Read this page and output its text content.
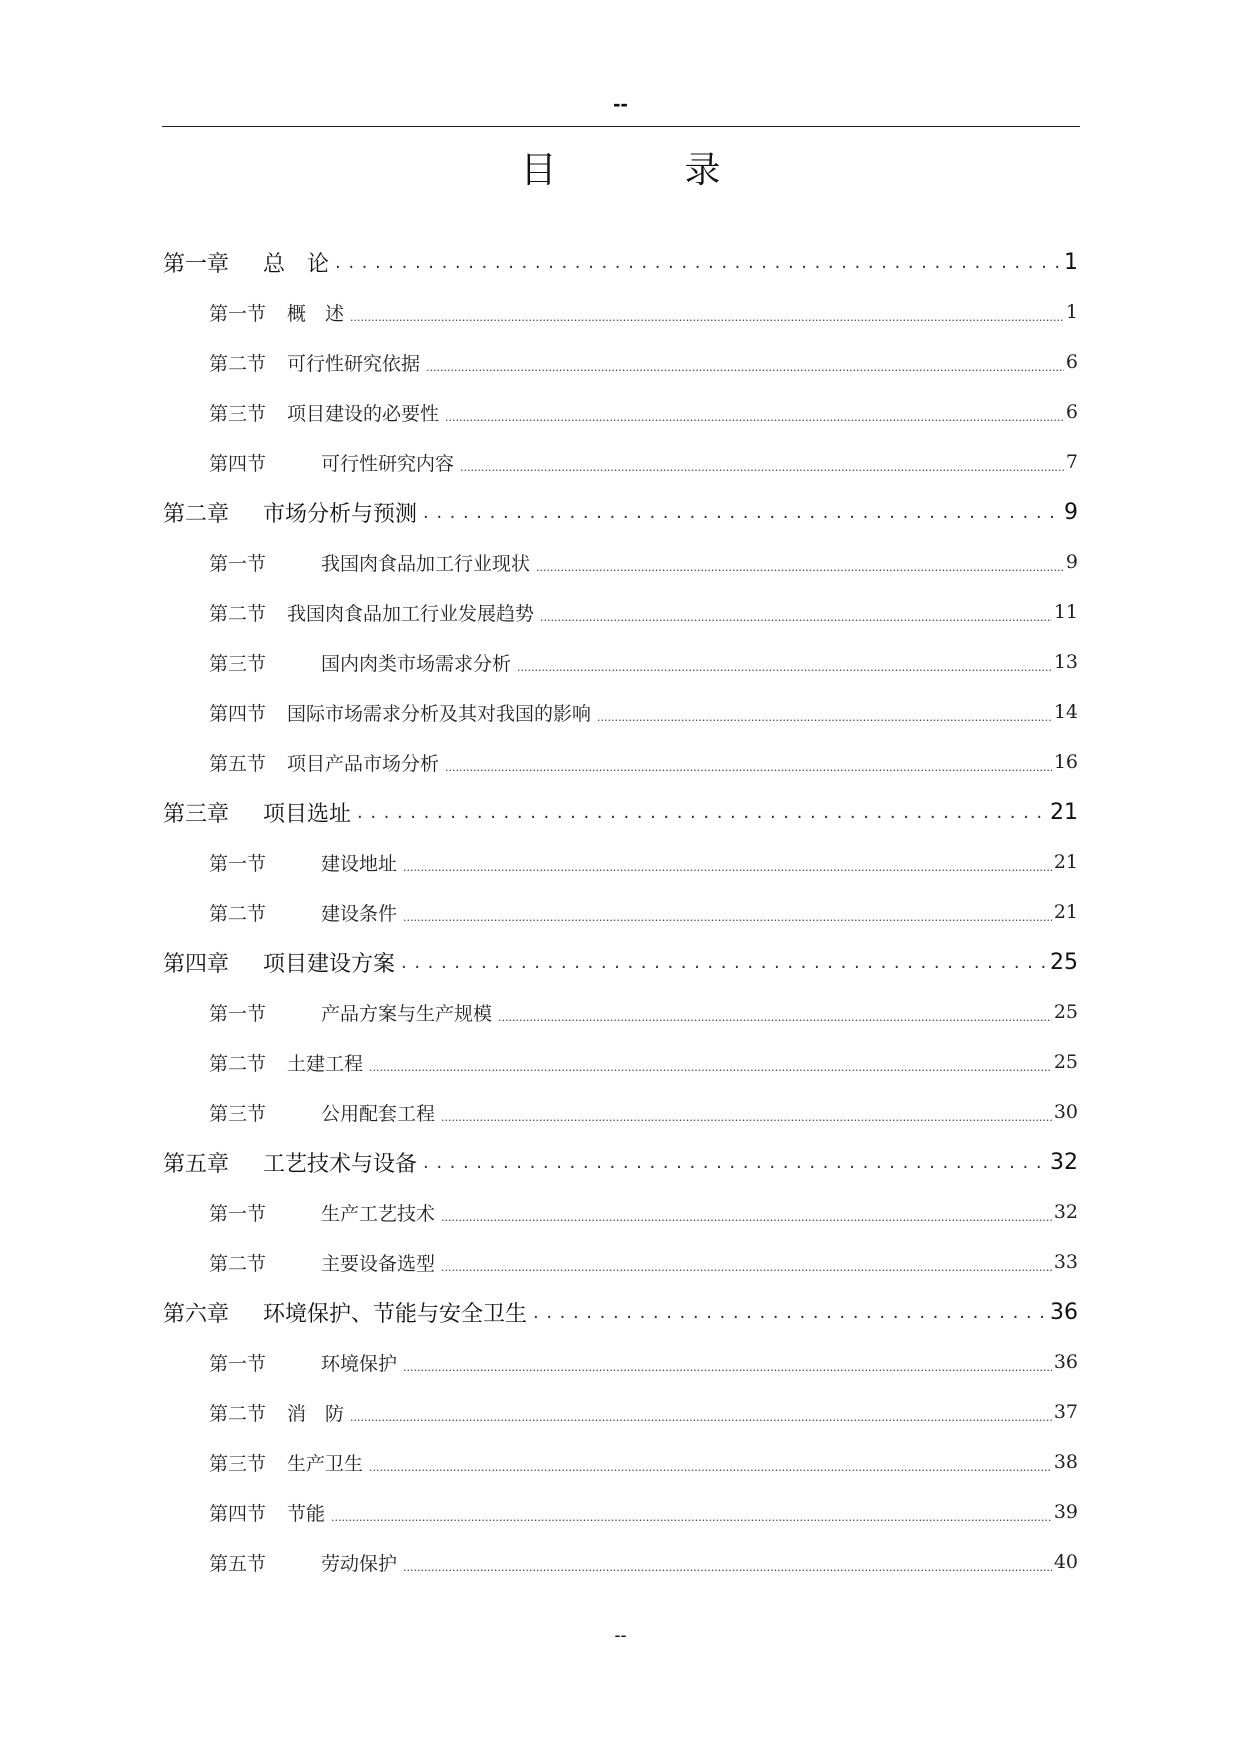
--
目录
第一章	总　论 .....	1
第一节	概　述 .....	1
第二节	可行性研究依据 .....	6
第三节	项目建设的必要性 .....	6
第四节	可行性研究内容 .....	7
第二章	市场分析与预测 .....	9
第一节	我国肉食品加工行业现状 .....	9
第二节	我国肉食品加工行业发展趋势 .....	11
第三节	国内肉类市场需求分析 .....	13
第四节	国际市场需求分析及其对我国的影响 .....	14
第五节	项目产品市场分析 .....	16
第三章	项目选址 .....	21
第一节	建设地址 .....	21
第二节	建设条件 .....	21
第四章	项目建设方案 .....	25
第一节	产品方案与生产规模 .....	25
第二节	土建工程 .....	25
第三节	公用配套工程 .....	30
第五章	工艺技术与设备 .....	32
第一节	生产工艺技术 .....	32
第二节	主要设备选型 .....	33
第六章	环境保护、节能与安全卫生 .....	36
第一节	环境保护 .....	36
第二节	消　防 .....	37
第三节	生产卫生 .....	38
第四节	节能 .....	39
第五节	劳动保护 .....	40
--
